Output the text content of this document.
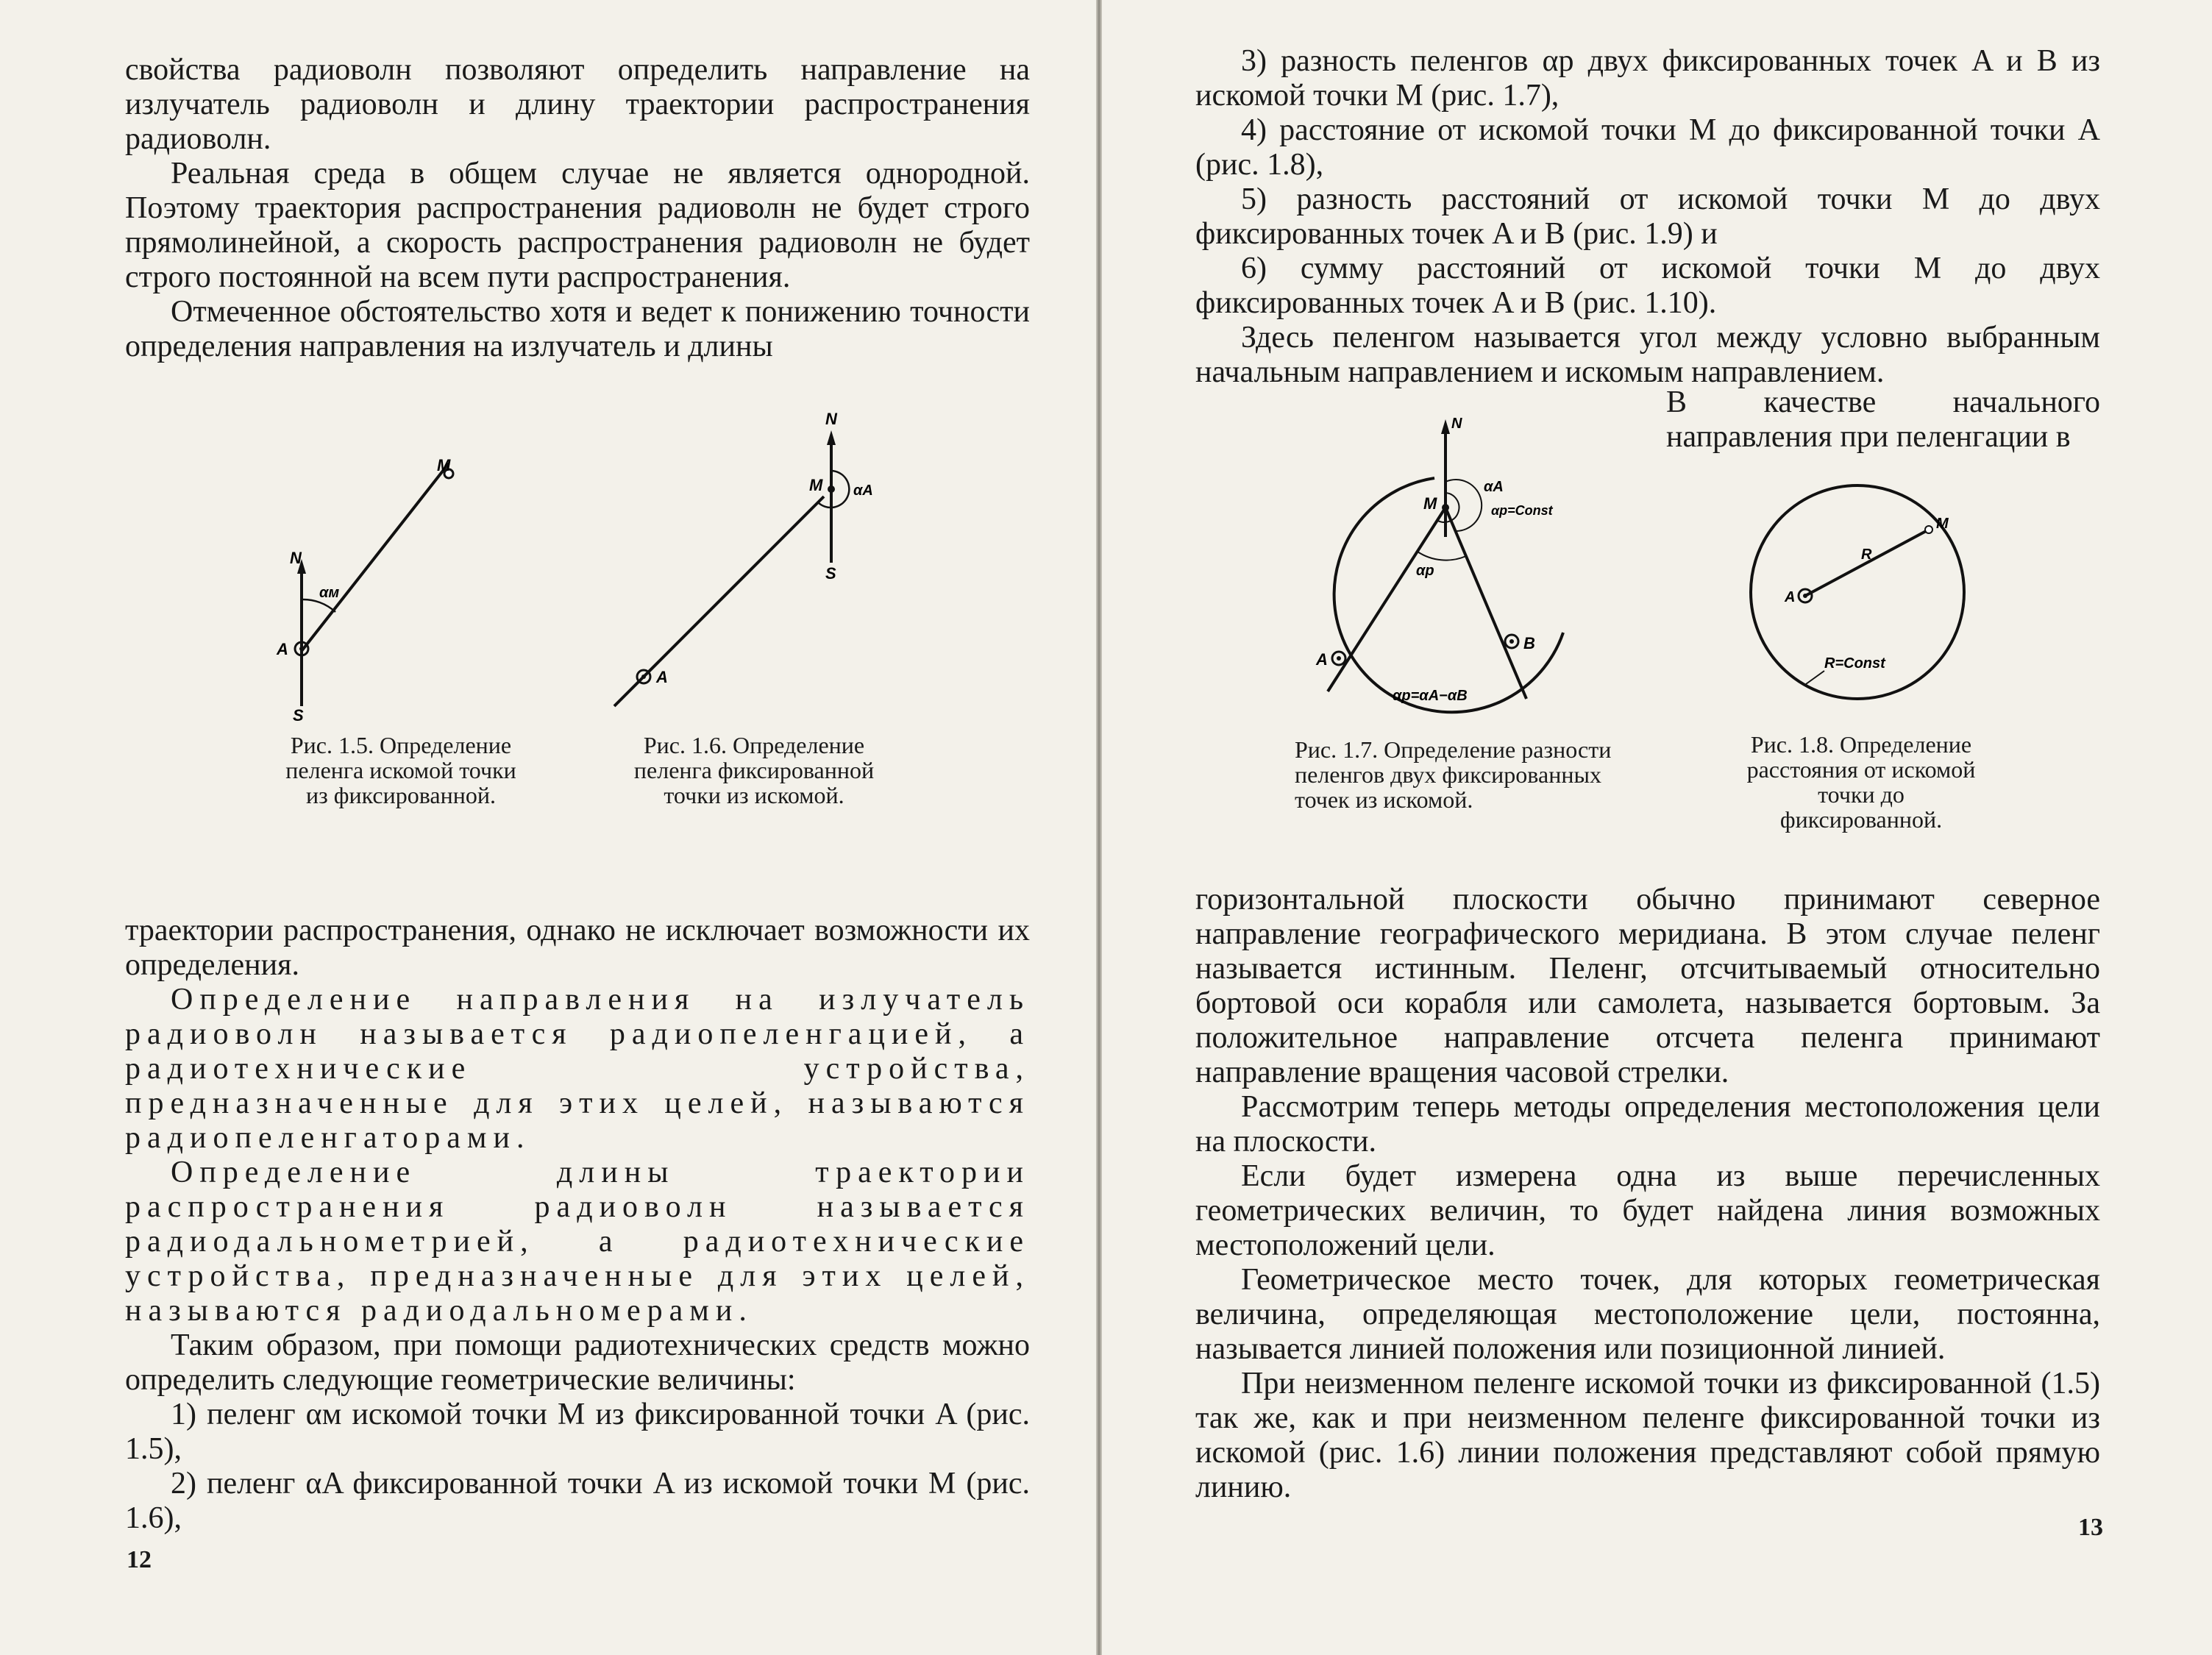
свойства радиоволн позволяют определить направление на излучатель радиоволн и длину траектории распространения радиоволн.

Реальная среда в общем случае не является однородной. Поэтому траектория распространения радиоволн не будет строго прямолинейной, а скорость распространения радиоволн не будет строго постоянной на всем пути распространения.

Отмеченное обстоятельство хотя и ведет к понижению точности определения направления на излучатель и длины

N
M
A
S
αм
N
M
A
S
αA
Рис. 1.5. Определение пеленга искомой точки из фиксированной.
Рис. 1.6. Определение пеленга фиксированной точки из искомой.

траектории распространения, однако не исключает возможности их определения.

Определение направления на излучатель радиоволн называется радиопеленгацией, а радиотехнические устройства, предназначенные для этих целей, называются радиопеленгаторами.

Определение длины траектории распространения радиоволн называется радиодальнометрией, а радиотехнические устройства, предназначенные для этих целей, называются радиодальномерами.

Таким образом, при помощи радиотехнических средств можно определить следующие геометрические величины:

1) пеленг αм искомой точки M из фиксированной точки A (рис. 1.5),

2) пеленг αA фиксированной точки A из искомой точки M (рис. 1.6),

12

3) разность пеленгов αр двух фиксированных точек A и B из искомой точки M (рис. 1.7),

4) расстояние от искомой точки M до фиксированной точки A (рис. 1.8),

5) разность расстояний от искомой точки M до двух фиксированных точек A и B (рис. 1.9) и

6) сумму расстояний от искомой точки M до двух фиксированных точек A и B (рис. 1.10).

Здесь пеленгом называется угол между условно выбранным начальным направлением и искомым направлением.

В качестве начального направления при пеленгации в
N
M
A
B
αA
αр=Const
αр
αр=αA−αB
A
M
R
R=Const
Рис. 1.7. Определение разности пеленгов двух фиксированных точек из искомой.
Рис. 1.8. Определение расстояния от искомой точки до фиксированной.

горизонтальной плоскости обычно принимают северное направление географического меридиана. В этом случае пеленг называется истинным. Пеленг, отсчитываемый относительно бортовой оси корабля или самолета, называется бортовым. За положительное направление отсчета пеленга принимают направление вращения часовой стрелки.

Рассмотрим теперь методы определения местоположения цели на плоскости.

Если будет измерена одна из выше перечисленных геометрических величин, то будет найдена линия возможных местоположений цели.

Геометрическое место точек, для которых геометрическая величина, определяющая местоположение цели, постоянна, называется линией положения или позиционной линией.

При неизменном пеленге искомой точки из фиксированной (1.5) так же, как и при неизменном пеленге фиксированной точки из искомой (рис. 1.6) линии положения представляют собой прямую линию.

13
